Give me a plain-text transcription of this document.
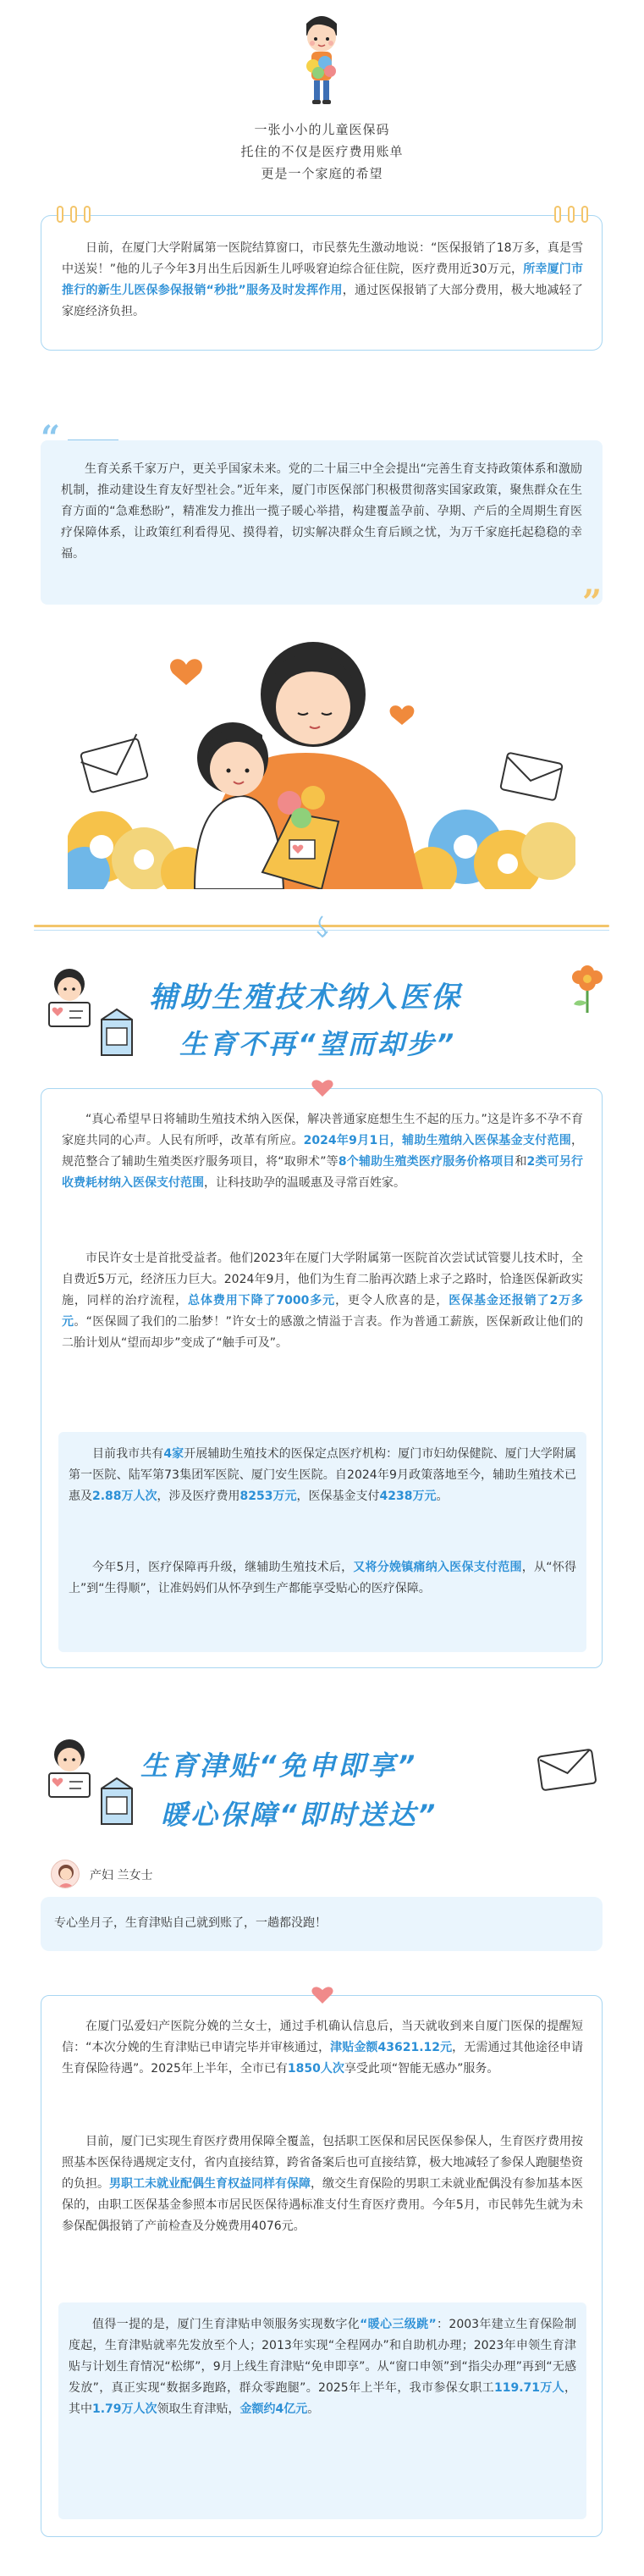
一张小小的儿童医保码
托住的不仅是医疗费用账单
更是一个家庭的希望

日前，在厦门大学附属第一医院结算窗口，市民蔡先生激动地说：“医保报销了18万多，真是雪中送炭！”他的儿子今年3月出生后因新生儿呼吸窘迫综合征住院，医疗费用近30万元，所幸厦门市推行的新生儿医保参保报销“秒批”服务及时发挥作用，通过医保报销了大部分费用，极大地减轻了家庭经济负担。

“

生育关系千家万户，更关乎国家未来。党的二十届三中全会提出“完善生育支持政策体系和激励机制，推动建设生育友好型社会。”近年来，厦门市医保部门积极贯彻落实国家政策，聚焦群众在生育方面的“急难愁盼”，精准发力推出一揽子暖心举措，构建覆盖孕前、孕期、产后的全周期生育医疗保障体系，让政策红利看得见、摸得着，切实解决群众生育后顾之忧，为万千家庭托起稳稳的幸福。

”
辅助生殖技术纳入医保
生育不再“望而却步”

“真心希望早日将辅助生殖技术纳入医保，解决普通家庭想生生不起的压力。”这是许多不孕不育家庭共同的心声。人民有所呼，改革有所应。2024年9月1日，辅助生殖纳入医保基金支付范围，规范整合了辅助生殖类医疗服务项目，将“取卵术”等8个辅助生殖类医疗服务价格项目和2类可另行收费耗材纳入医保支付范围，让科技助孕的温暖惠及寻常百姓家。

市民许女士是首批受益者。他们2023年在厦门大学附属第一医院首次尝试试管婴儿技术时，全自费近5万元，经济压力巨大。2024年9月，他们为生育二胎再次踏上求子之路时，恰逢医保新政实施，同样的治疗流程，总体费用下降了7000多元，更令人欣喜的是，医保基金还报销了2万多元。“医保圆了我们的二胎梦！”许女士的感激之情溢于言表。作为普通工薪族，医保新政让他们的二胎计划从“望而却步”变成了“触手可及”。

目前我市共有4家开展辅助生殖技术的医保定点医疗机构：厦门市妇幼保健院、厦门大学附属第一医院、陆军第73集团军医院、厦门安生医院。自2024年9月政策落地至今，辅助生殖技术已惠及2.88万人次，涉及医疗费用8253万元，医保基金支付4238万元。

今年5月，医疗保障再升级，继辅助生殖技术后，又将分娩镇痛纳入医保支付范围，从“怀得上”到“生得顺”，让准妈妈们从怀孕到生产都能享受贴心的医疗保障。

生育津贴“免申即享”
暖心保障“即时送达”
产妇 兰女士
专心坐月子，生育津贴自己就到账了，一趟都没跑！

在厦门弘爱妇产医院分娩的兰女士，通过手机确认信息后，当天就收到来自厦门医保的提醒短信：“本次分娩的生育津贴已申请完毕并审核通过，津贴金额43621.12元，无需通过其他途径申请生育保险待遇”。2025年上半年，全市已有1850人次享受此项“智能无感办”服务。

目前，厦门已实现生育医疗费用保障全覆盖，包括职工医保和居民医保参保人，生育医疗费用按照基本医保待遇规定支付，省内直接结算，跨省备案后也可直接结算，极大地减轻了参保人跑腿垫资的负担。男职工未就业配偶生育权益同样有保障，缴交生育保险的男职工未就业配偶没有参加基本医保的，由职工医保基金参照本市居民医保待遇标准支付生育医疗费用。今年5月，市民韩先生就为未参保配偶报销了产前检查及分娩费用4076元。

值得一提的是，厦门生育津贴申领服务实现数字化“暖心三级跳”：2003年建立生育保险制度起，生育津贴就率先发放至个人；2013年实现“全程网办”和自助机办理；2023年申领生育津贴与计划生育情况“松绑”，9月上线生育津贴“免申即享”。从“窗口申领”到“指尖办理”再到“无感发放”，真正实现“数据多跑路，群众零跑腿”。2025年上半年，我市参保女职工119.71万人，其中1.79万人次领取生育津贴，金额约4亿元。
